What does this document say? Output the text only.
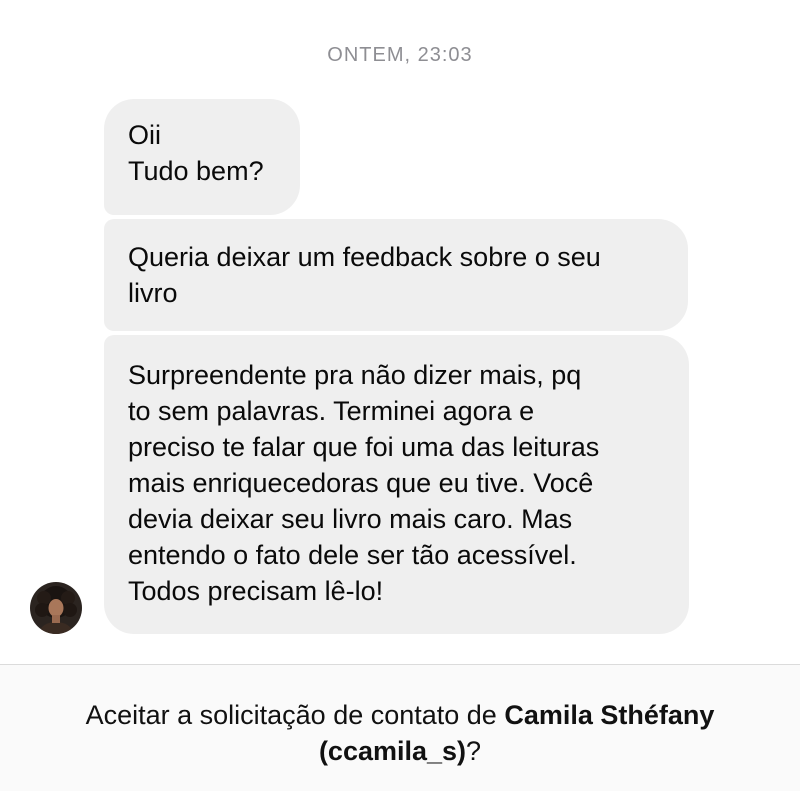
ONTEM, 23:03
Oii
Tudo bem?
Queria deixar um feedback sobre o seu
livro
Surpreendente pra não dizer mais, pq
to sem palavras. Terminei agora e
preciso te falar que foi uma das leituras
mais enriquecedoras que eu tive. Você
devia deixar seu livro mais caro. Mas
entendo o fato dele ser tão acessível.
Todos precisam lê-lo!
Aceitar a solicitação de contato de Camila Sthéfany
(ccamila_s)?
